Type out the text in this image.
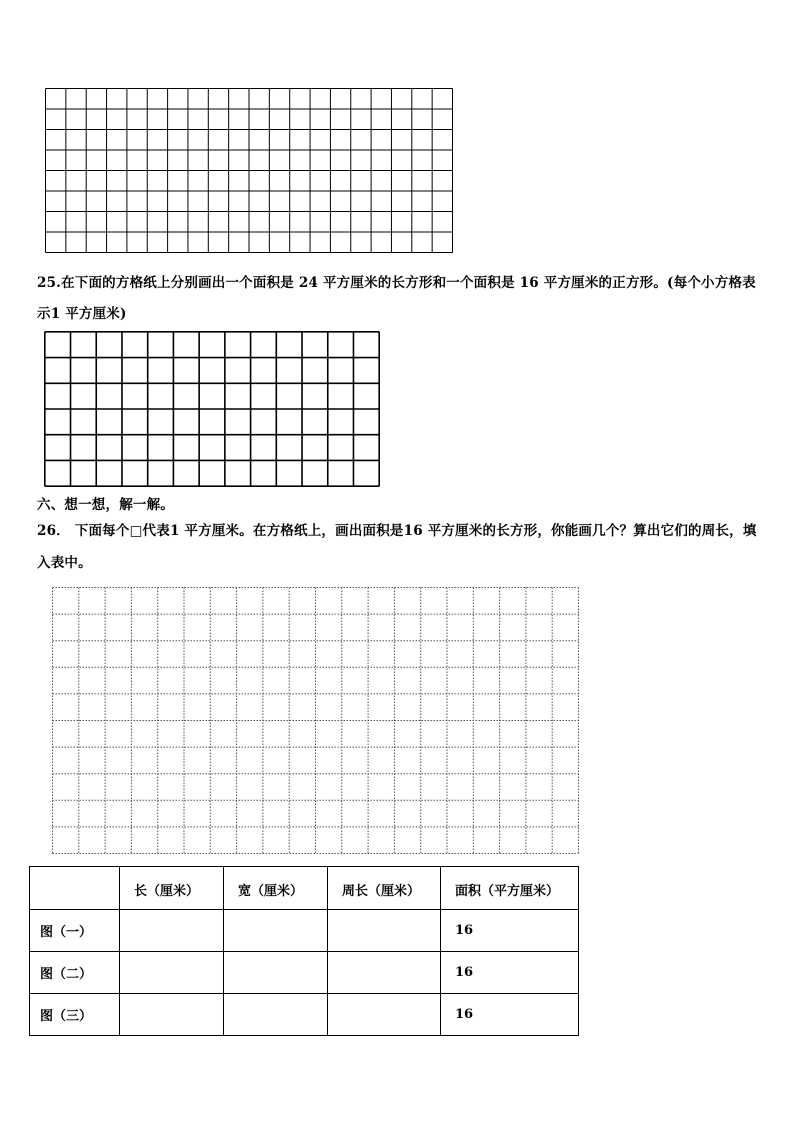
25.在下面的方格纸上分别画出一个面积是 24 平方厘米的长方形和一个面积是 16 平方厘米的正方形。(每个小方格表
示1 平方厘米)
六、想一想，解一解。
26． 下面每个□代表1 平方厘米。在方格纸上，画出面积是16 平方厘米的长方形，你能画几个？算出它们的周长，填
入表中。
	长（厘米）	宽（厘米）	周长（厘米）	面积（平方厘米）
图（一）				16
图（二）				16
图（三）				16
